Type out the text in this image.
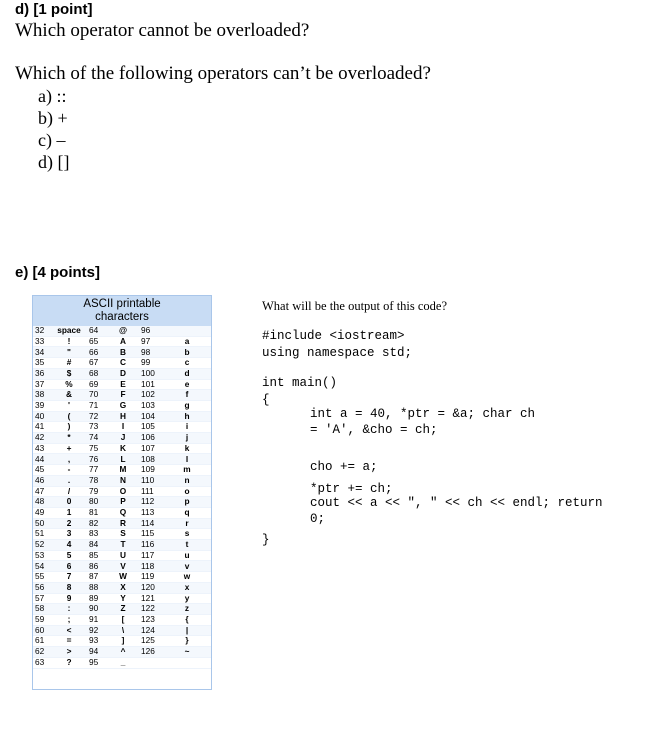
d) [1 point]
Which operator cannot be overloaded?
Which of the following operators can’t be overloaded?
a) ::
b) +
c) –
d) []
e) [4 points]
ASCII printable
characters
32	space	64	@	96	
33	!	65	A	97	a
34	"	66	B	98	b
35	#	67	C	99	c
36	$	68	D	100	d
37	%	69	E	101	e
38	&	70	F	102	f
39	'	71	G	103	g
40	(	72	H	104	h
41	)	73	I	105	i
42	*	74	J	106	j
43	+	75	K	107	k
44	,	76	L	108	l
45	-	77	M	109	m
46	.	78	N	110	n
47	/	79	O	111	o
48	0	80	P	112	p
49	1	81	Q	113	q
50	2	82	R	114	r
51	3	83	S	115	s
52	4	84	T	116	t
53	5	85	U	117	u
54	6	86	V	118	v
55	7	87	W	119	w
56	8	88	X	120	x
57	9	89	Y	121	y
58	:	90	Z	122	z
59	;	91	[	123	{
60	<	92	\	124	|
61	=	93	]	125	}
62	>	94	^	126	~
63	?	95	_		
What will be the output of this code?
#include <iostream>
using namespace std;
int main()
{
int a = 40, *ptr = &a; char ch
= 'A', &cho = ch;
cho += a;
*ptr += ch;
cout << a << ", " << ch << endl; return
0;
}
